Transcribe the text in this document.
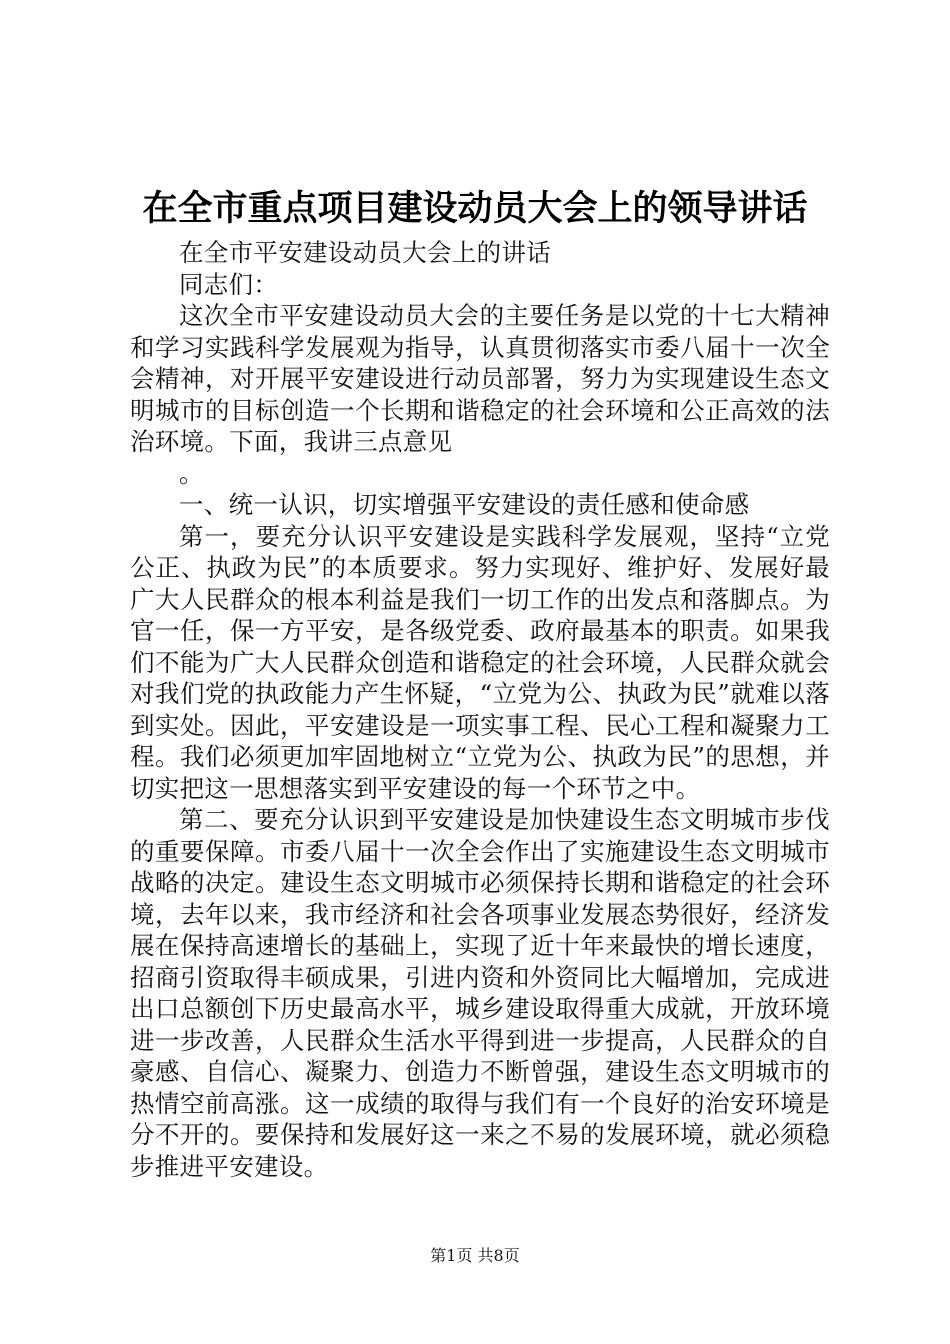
在全市重点项目建设动员大会上的领导讲话

在全市平安建设动员大会上的讲话

同志们：

这次全市平安建设动员大会的主要任务是以党的十七大精神和学习实践科学发展观为指导，认真贯彻落实市委八届十一次全会精神，对开展平安建设进行动员部署，努力为实现建设生态文明城市的目标创造一个长期和谐稳定的社会环境和公正高效的法治环境。下面，我讲三点意见

。

一、统一认识，切实增强平安建设的责任感和使命感

第一，要充分认识平安建设是实践科学发展观，坚持“立党公正、执政为民”的本质要求。努力实现好、维护好、发展好最广大人民群众的根本利益是我们一切工作的出发点和落脚点。为官一任，保一方平安，是各级党委、政府最基本的职责。如果我们不能为广大人民群众创造和谐稳定的社会环境，人民群众就会对我们党的执政能力产生怀疑，“立党为公、执政为民”就难以落到实处。因此，平安建设是一项实事工程、民心工程和凝聚力工程。我们必须更加牢固地树立“立党为公、执政为民”的思想，并切实把这一思想落实到平安建设的每一个环节之中。

第二、要充分认识到平安建设是加快建设生态文明城市步伐的重要保障。市委八届十一次全会作出了实施建设生态文明城市战略的决定。建设生态文明城市必须保持长期和谐稳定的社会环境，去年以来，我市经济和社会各项事业发展态势很好，经济发展在保持高速增长的基础上，实现了近十年来最快的增长速度，招商引资取得丰硕成果，引进内资和外资同比大幅增加，完成进出口总额创下历史最高水平，城乡建设取得重大成就，开放环境进一步改善，人民群众生活水平得到进一步提高，人民群众的自豪感、自信心、凝聚力、创造力不断曾强，建设生态文明城市的热情空前高涨。这一成绩的取得与我们有一个良好的治安环境是分不开的。要保持和发展好这一来之不易的发展环境，就必须稳步推进平安建设。

第1页 共8页
